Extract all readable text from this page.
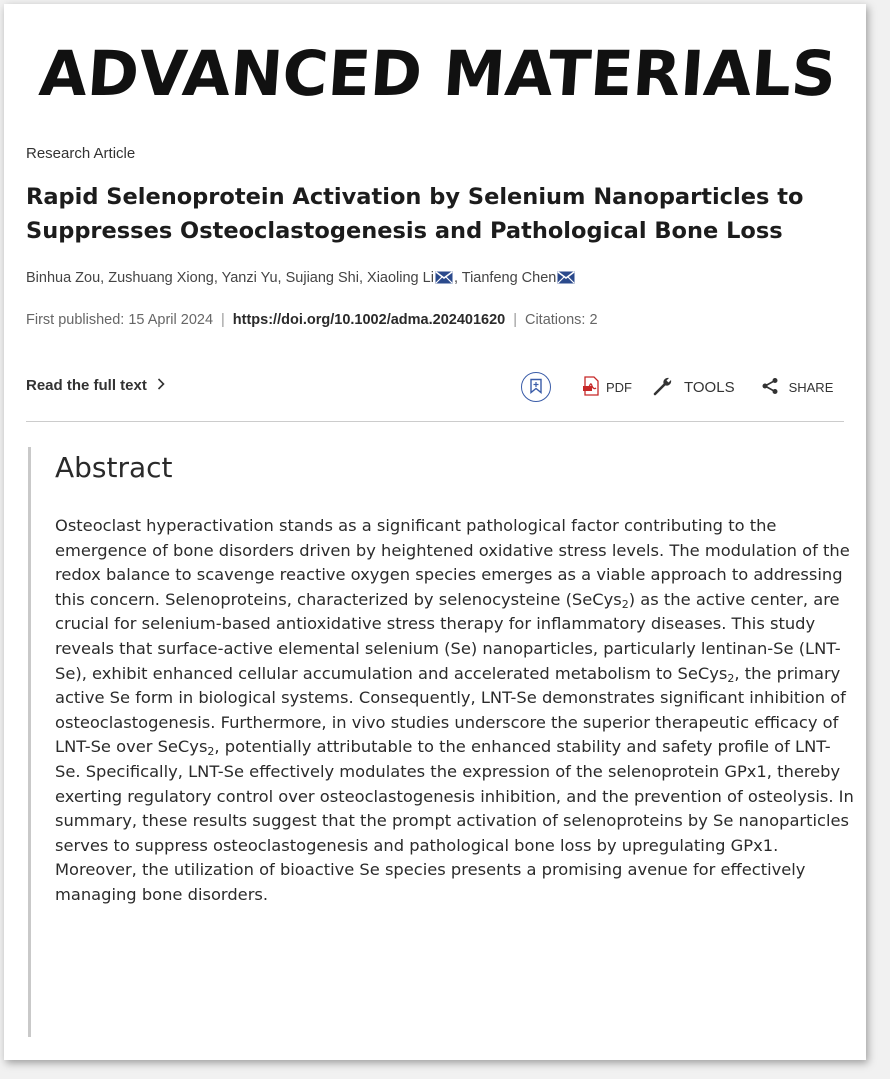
ADVANCED MATERIALS
Research Article
Rapid Selenoprotein Activation by Selenium Nanoparticles to Suppresses Osteoclastogenesis and Pathological Bone Loss
Binhua Zou, Zushuang Xiong, Yanzi Yu, Sujiang Shi, Xiaoling Li , Tianfeng Chen
First published: 15 April 2024 | https://doi.org/10.1002/adma.202401620 | Citations: 2
Read the full text	PDF	TOOLS	SHARE
Abstract
Osteoclast hyperactivation stands as a significant pathological factor contributing to the emergence of bone disorders driven by heightened oxidative stress levels. The modulation of the redox balance to scavenge reactive oxygen species emerges as a viable approach to addressing this concern. Selenoproteins, characterized by selenocysteine (SeCys$_2$) as the active center, are crucial for selenium-based antioxidative stress therapy for inflammatory diseases. This study reveals that surface-active elemental selenium (Se) nanoparticles, particularly lentinan-Se (LNT-Se), exhibit enhanced cellular accumulation and accelerated metabolism to SeCys$_2$, the primary active Se form in biological systems. Consequently, LNT-Se demonstrates significant inhibition of osteoclastogenesis. Furthermore, in vivo studies underscore the superior therapeutic efficacy of LNT-Se over SeCys$_2$, potentially attributable to the enhanced stability and safety profile of LNT-Se. Specifically, LNT-Se effectively modulates the expression of the selenoprotein GPx1, thereby exerting regulatory control over osteoclastogenesis inhibition, and the prevention of osteolysis. In summary, these results suggest that the prompt activation of selenoproteins by Se nanoparticles serves to suppress osteoclastogenesis and pathological bone loss by upregulating GPx1. Moreover, the utilization of bioactive Se species presents a promising avenue for effectively managing bone disorders.
